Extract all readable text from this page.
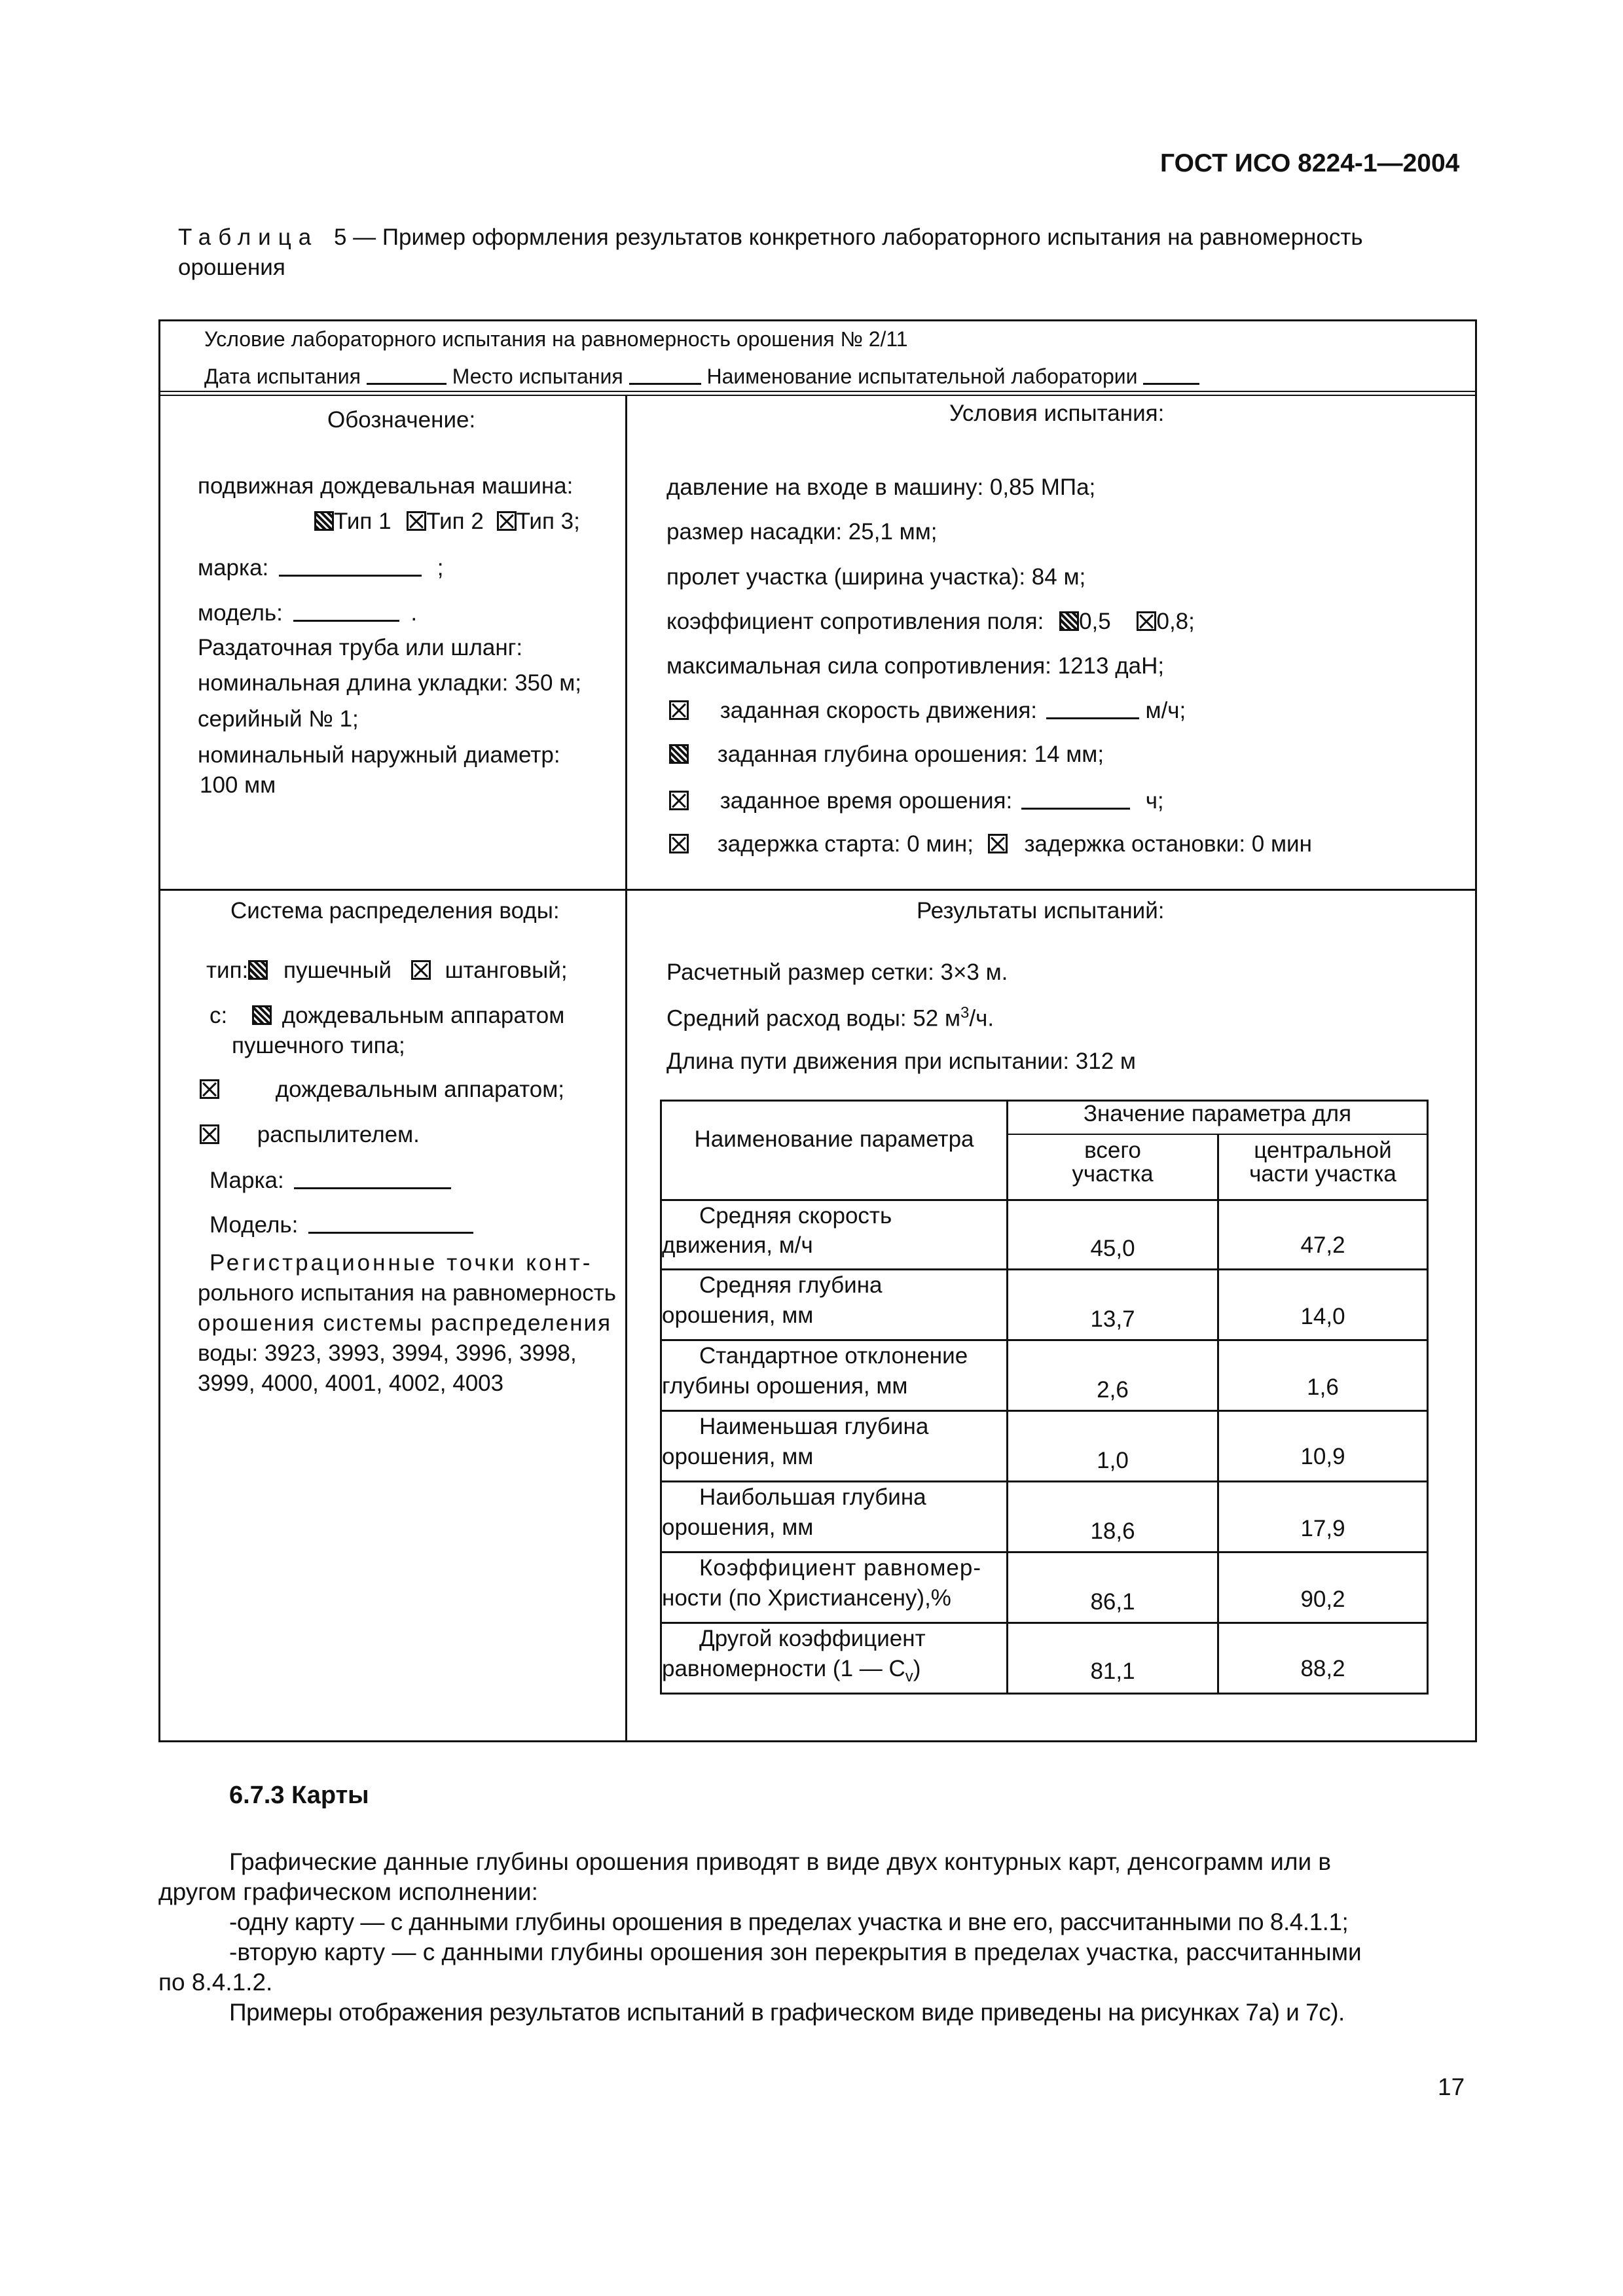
ГОСТ ИСО 8224-1—2004
Таблица 5 — Пример оформления результатов конкретного лабораторного испытания на равномерность
орошения
Условие лабораторного испытания на равномерность орошения № 2/11
Дата испытания	Место испытания	Наименование испытательной лаборатории
Обозначение:
подвижная дождевальная машина:
Тип 1 Тип 2 Тип 3;
марка:	;
модель:	.
Раздаточная труба или шланг:
номинальная длина укладки: 350 м;
серийный № 1;
номинальный наружный диаметр:
100 мм
Условия испытания:
давление на входе в машину: 0,85 МПа;
размер насадки: 25,1 мм;
пролет участка (ширина участка): 84 м;
коэффициент сопротивления поля: 0,5 0,8;
максимальная сила сопротивления: 1213 даН;
заданная скорость движения:	м/ч;
заданная глубина орошения: 14 мм;
заданное время орошения:	ч;
задержка старта: 0 мин; задержка остановки: 0 мин
Система распределения воды:
тип: пушечный штанговый;
с: дождевальным аппаратом
пушечного типа;
дождевальным аппаратом;
распылителем.
Марка:
Модель:
Регистрационные точки конт-
рольного испытания на равномерность
орошения системы распределения
воды: 3923, 3993, 3994, 3996, 3998,
3999, 4000, 4001, 4002, 4003
Результаты испытаний:
Расчетный размер сетки: 3×3 м.
Средний расход воды: 52 $м^3/ч$.
Длина пути движения при испытании: 312 м
Наименование параметра
Значение параметра для
всего
участка
центральной
части участка
Средняя скорость
движения, м/ч	45,0	47,2
Средняя глубина
орошения, мм	13,7	14,0
Стандартное отклонение
глубины орошения, мм	2,6	1,6
Наименьшая глубина
орошения, мм	1,0	10,9
Наибольшая глубина
орошения, мм	18,6	17,9
Коэффициент равномер-
ности (по Христиансену),%	86,1	90,2
Другой коэффициент
равномерности (1 — $C_v$)	81,1	88,2
6.7.3 Карты
Графические данные глубины орошения приводят в виде двух контурных карт, денсограмм или в
другом графическом исполнении:
-одну карту — с данными глубины орошения в пределах участка и вне его, рассчитанными по 8.4.1.1;
-вторую карту — с данными глубины орошения зон перекрытия в пределах участка, рассчитанными
по 8.4.1.2.
Примеры отображения результатов испытаний в графическом виде приведены на рисунках 7а) и 7с).
17
